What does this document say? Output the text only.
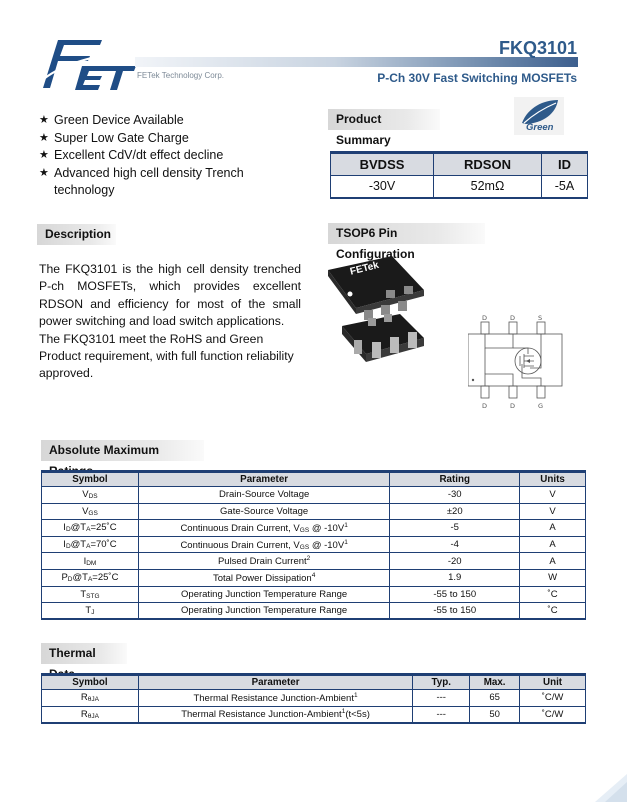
FETek Technology Corp.
FKQ3101
P-Ch 30V Fast Switching MOSFETs
★ Green Device Available
★ Super Low Gate Charge
★ Excellent CdV/dt effect decline
★ Advanced high cell density Trench technology
Product Summary
Green
BVDSS	RDSON	ID
-30V	52mΩ	-5A
Description

The FKQ3101 is the high cell density trenched P-ch MOSFETs, which provides excellent RDSON and efficiency for most of the small power switching and load switch applications.

The FKQ3101 meet the RoHS and Green Product requirement, with full function reliability approved.

TSOP6 Pin Configuration
FETek
D	D	S
D	D	G
Absolute Maximum
Symbol	Parameter	Rating	Units
$V_{DS}$	Drain-Source Voltage	-30	V
$V_{GS}$	Gate-Source Voltage	±20	V
$I_D@T_A=25˚C$	Continuous Drain Current, $V_{GS}$ @ $-10V^1$	-5	A
$I_D@T_A=70˚C$	Continuous Drain Current, $V_{GS}$ @ $-10V^1$	-4	A
$I_{DM}$	Pulsed Drain Current$^2$	-20	A
$P_D@T_A=25˚C$	Total Power Dissipation$^4$	1.9	W
$T_{STG}$	Operating Junction Temperature Range	-55 to 150	˚C
$T_J$	Operating Junction Temperature Range	-55 to 150	˚C
Thermal
Symbol	Parameter	Typ.	Max.	Unit
$R_{\theta JA}$	Thermal Resistance Junction-Ambient$^1$	---	65	˚C/W
$R_{\theta JA}$	Thermal Resistance Junction-Ambient$^1$(t<5s)	---	50	˚C/W
